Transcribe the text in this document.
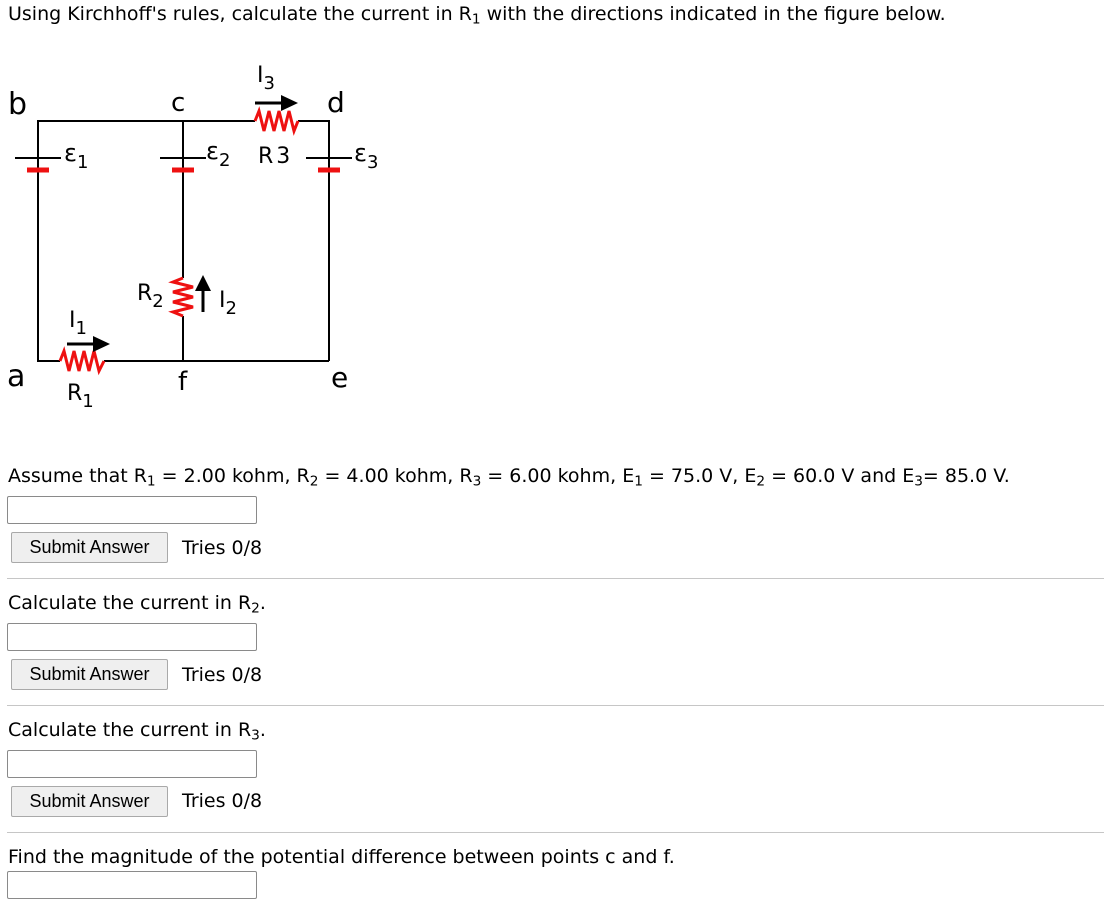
Using Kirchhoff's rules, calculate the current in $R_1$ with the directions indicated in the figure below.
b	c	d
a	f	e
$\varepsilon_1$	$\varepsilon_2$	$\varepsilon_3$
R 3
$R_2$
$R_1$
$I_3$
$I_2$
$I_1$
Assume that $R_1 = 2.00$ kohm, $R_2 = 4.00$ kohm, $R_3 = 6.00$ kohm, $E_1 = 75.0$ V, $E_2 = 60.0$ V and $E_3= 85.0$ V.
Submit Answer	Tries 0/8
Calculate the current in $R_2$.
Submit Answer	Tries 0/8
Calculate the current in $R_3$.
Submit Answer	Tries 0/8
Find the magnitude of the potential difference between points c and f.
